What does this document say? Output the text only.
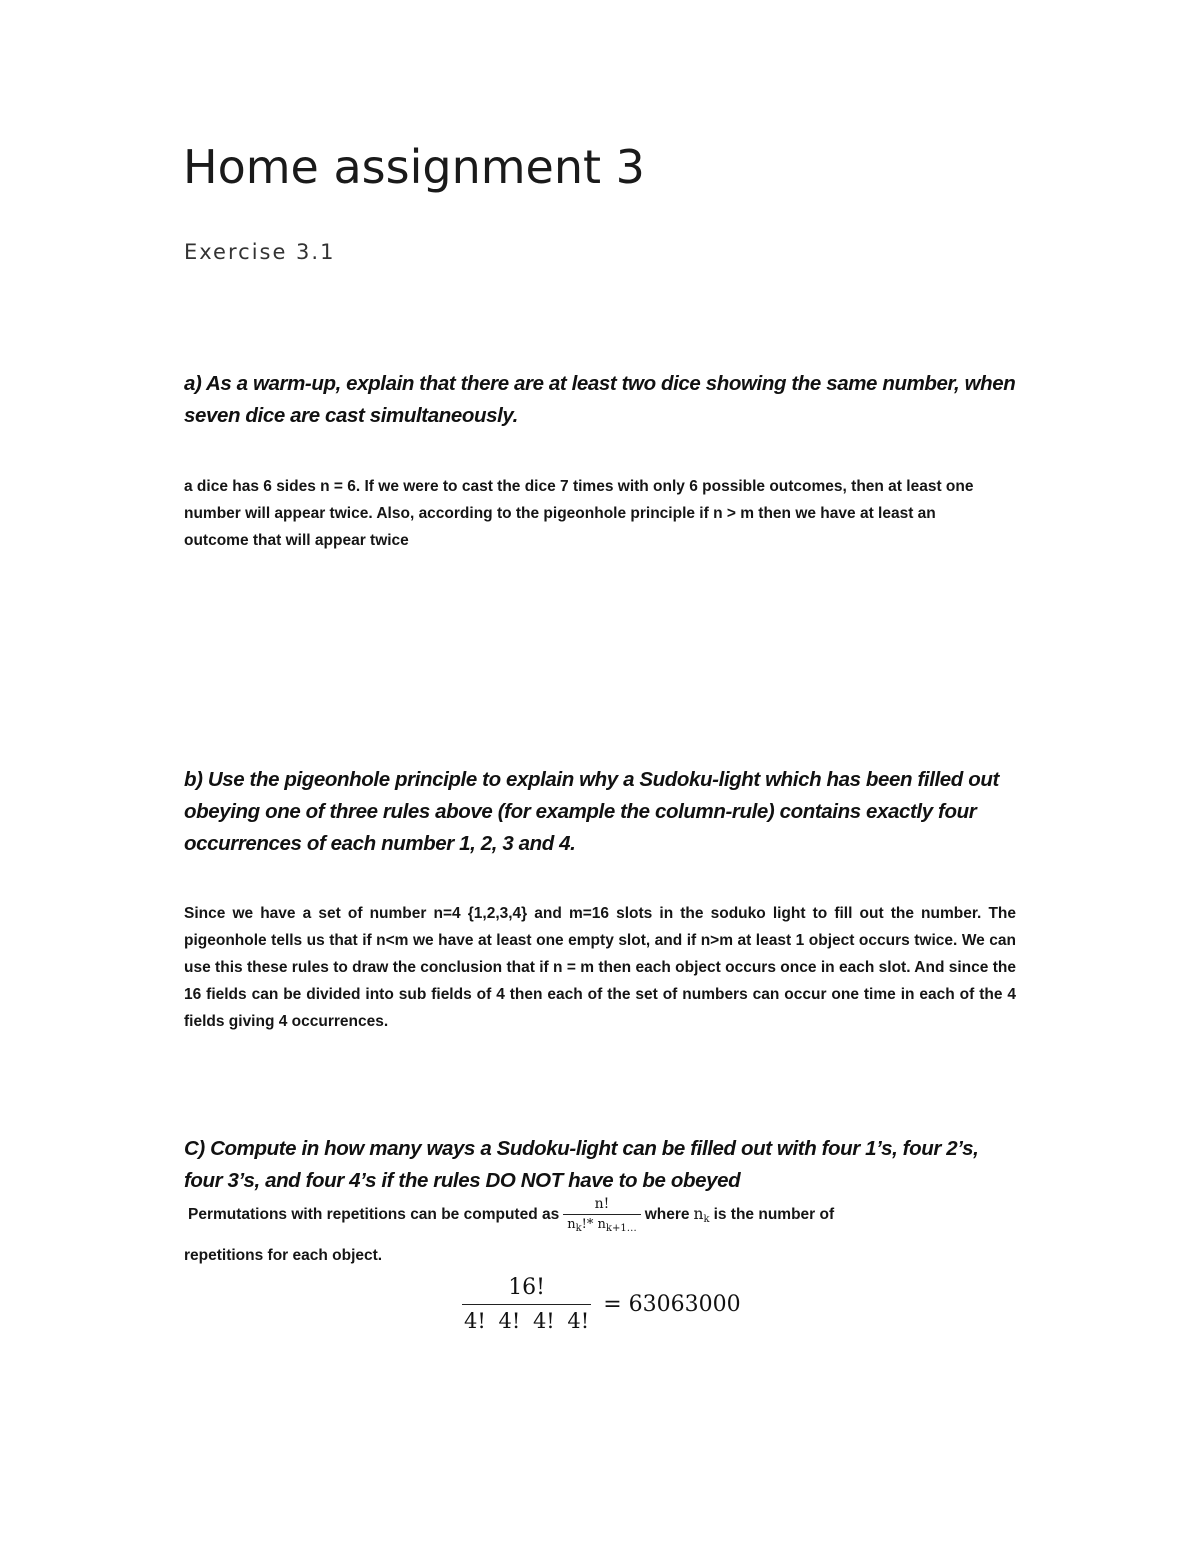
Home assignment 3
Exercise 3.1

a) As a warm-up, explain that there are at least two dice showing the same number, when seven dice are cast simultaneously.

a dice has 6 sides n = 6. If we were to cast the dice 7 times with only 6 possible outcomes, then at least one number will appear twice. Also, according to the pigeonhole principle if n > m then we have at least an outcome that will appear twice

b) Use the pigeonhole principle to explain why a Sudoku-light which has been filled out obeying one of three rules above (for example the column-rule) contains exactly four occurrences of each number 1, 2, 3 and 4.

Since we have a set of number n=4 {1,2,3,4} and m=16 slots in the soduko light to fill out the number. The pigeonhole tells us that if n<m we have at least one empty slot, and if n>m at least 1 object occurs twice. We can use this these rules to draw the conclusion that if n = m then each object occurs once in each slot. And since the 16 fields can be divided into sub fields of 4 then each of the set of numbers can occur one time in each of the 4 fields giving 4 occurrences.

C) Compute in how many ways a Sudoku-light can be filled out with four 1’s, four 2’s, four 3’s, and four 4’s if the rules DO NOT have to be obeyed

Permutations with repetitions can be computed as $\frac{n!}{n_k!* n_{k+1\dots}}$ where $n_k$ is the number of
repetitions for each object.
$\frac{16!}{4! 4! 4! 4!} = 63063000$
